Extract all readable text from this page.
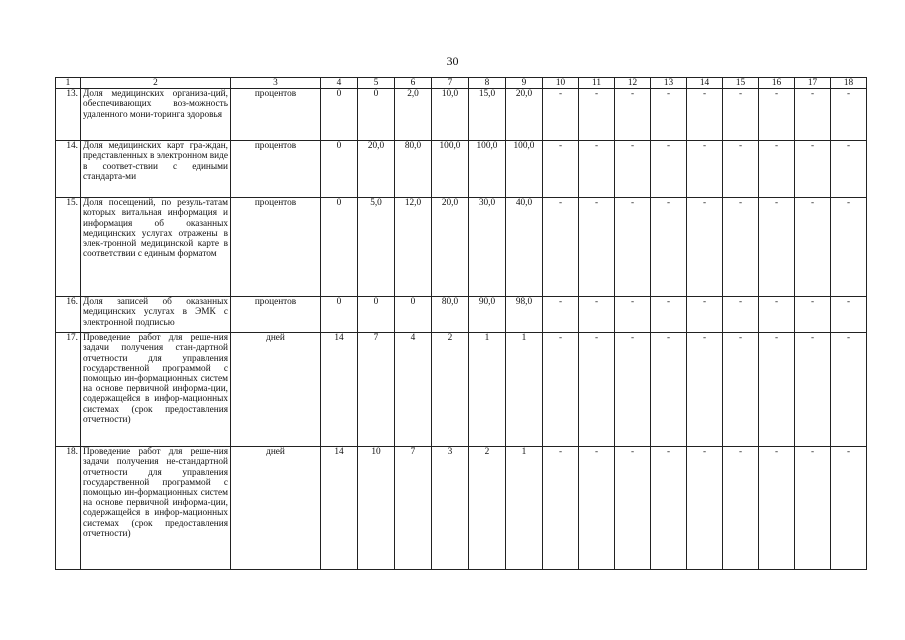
30
1	2	3	4	5	6	7	8	9	10	11	12	13	14	15	16	17	18
13.	Доля медицинских организа-ций, обеспечивающих воз-можность удаленного мони-торинга здоровья	процентов	0	0	2,0	10,0	15,0	20,0	-	-	-	-	-	-	-	-	-
14.	Доля медицинских карт гра-ждан, представленных в электронном виде в соответ-ствии с едиными стандарта-ми	процентов	0	20,0	80,0	100,0	100,0	100,0	-	-	-	-	-	-	-	-	-
15.	Доля посещений, по резуль-татам которых витальная информация и информация об оказанных медицинских услугах отражены в элек-тронной медицинской карте в соответствии с единым форматом	процентов	0	5,0	12,0	20,0	30,0	40,0	-	-	-	-	-	-	-	-	-
16.	Доля записей об оказанных медицинских услугах в ЭМК с электронной подписью	процентов	0	0	0	80,0	90,0	98,0	-	-	-	-	-	-	-	-	-
17.	Проведение работ для реше-ния задачи получения стан-дартной отчетности для управления государственной программой с помощью ин-формационных систем на основе первичной информа-ции, содержащейся в инфор-мационных системах (срок предоставления отчетности)	дней	14	7	4	2	1	1	-	-	-	-	-	-	-	-	-
18.	Проведение работ для реше-ния задачи получения не-стандартной отчетности для управления государственной программой с помощью ин-формационных систем на основе первичной информа-ции, содержащейся в инфор-мационных системах (срок предоставления отчетности)	дней	14	10	7	3	2	1	-	-	-	-	-	-	-	-	-
